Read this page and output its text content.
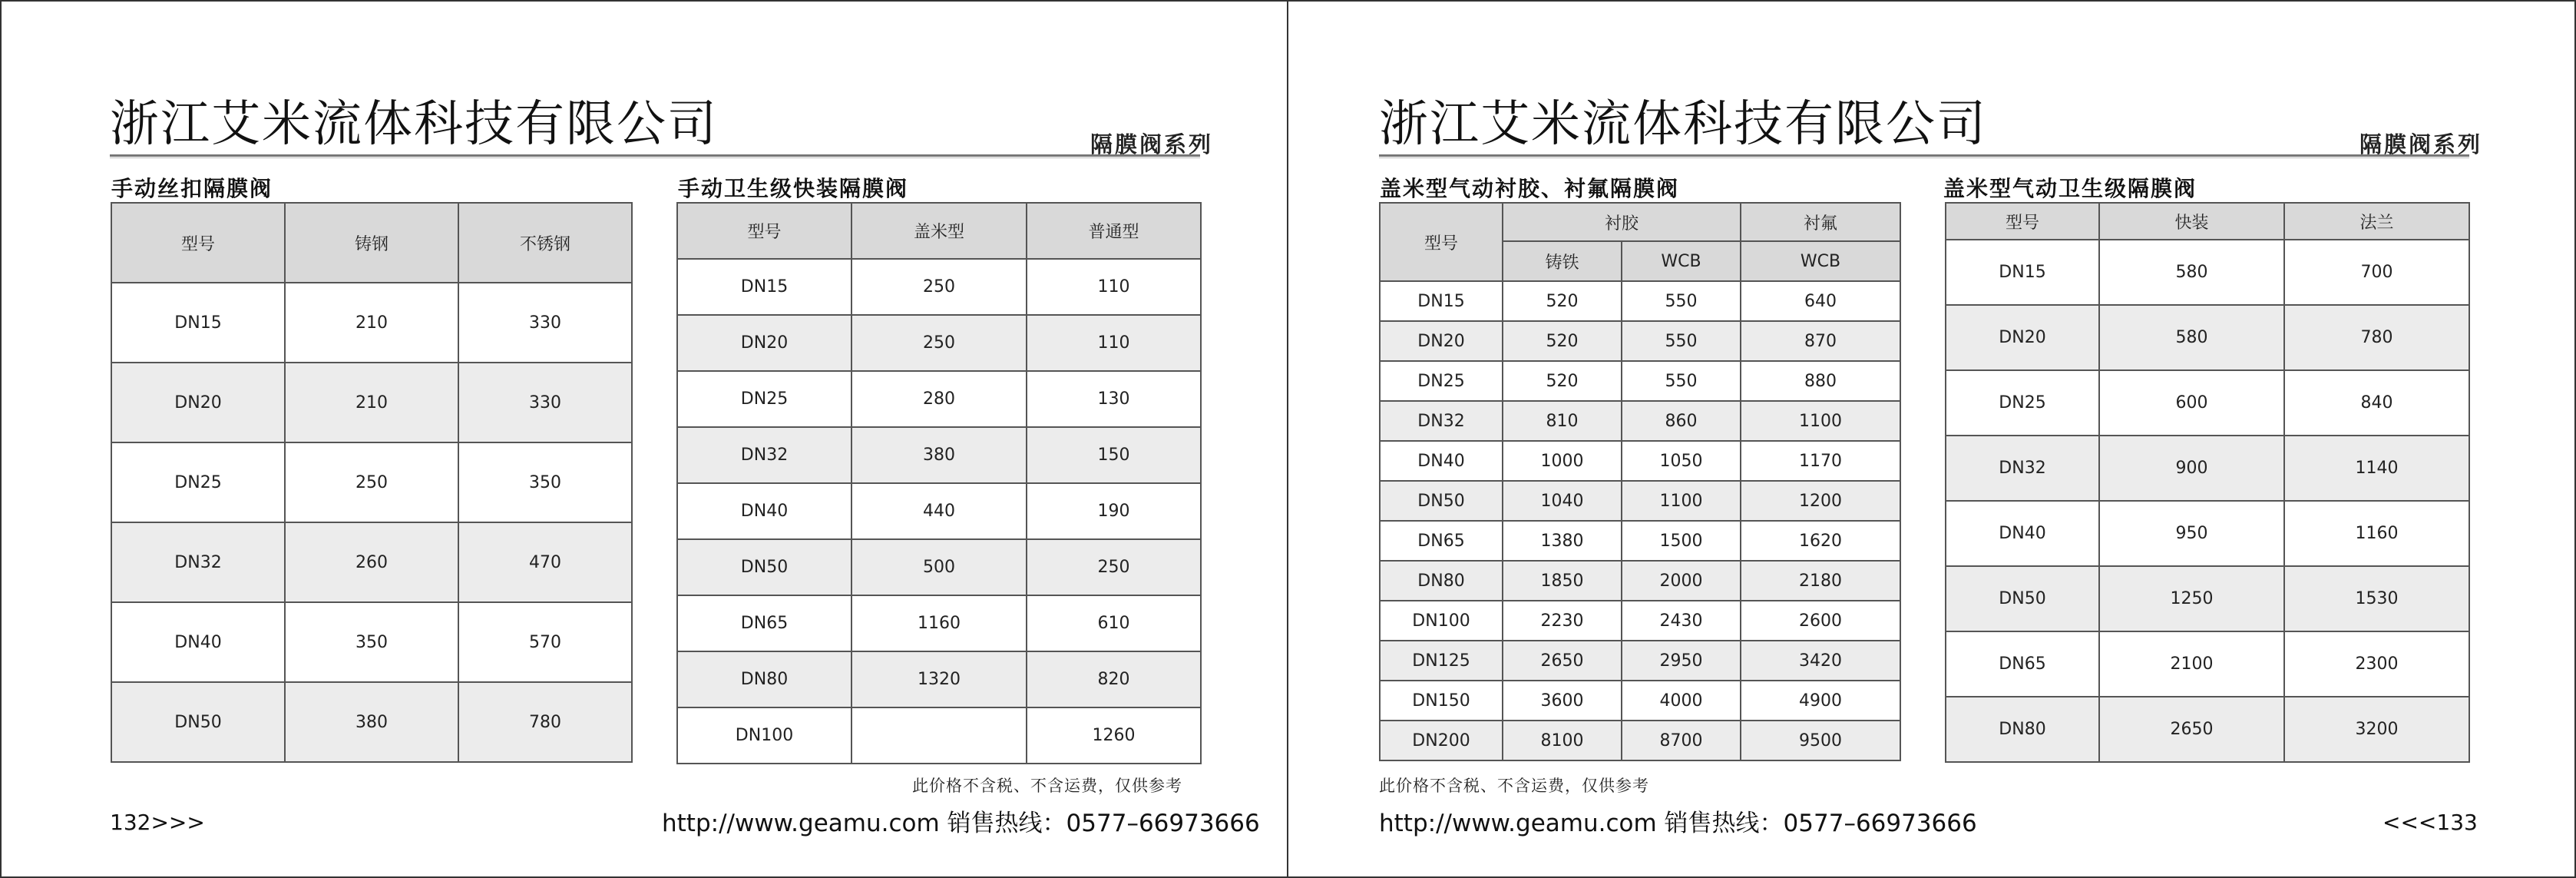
浙江艾米流体科技有限公司	隔膜阀系列
手动丝扣隔膜阀
型号	铸钢	不锈钢
DN15	210	330
DN20	210	330
DN25	250	350
DN32	260	470
DN40	350	570
DN50	380	780
手动卫生级快装隔膜阀
型号	盖米型	普通型
DN15	250	110
DN20	250	110
DN25	280	130
DN32	380	150
DN40	440	190
DN50	500	250
DN65	1160	610
DN80	1320	820
DN100		1260
此价格不含税、不含运费，仅供参考
http://www.geamu.com 销售热线：0577–66973666
132>>>
浙江艾米流体科技有限公司	隔膜阀系列
盖米型气动衬胶、衬氟隔膜阀
型号	衬胶		衬氟
	铸铁	WCB	WCB
DN15	520	550	640
DN20	520	550	870
DN25	520	550	880
DN32	810	860	1100
DN40	1000	1050	1170
DN50	1040	1100	1200
DN65	1380	1500	1620
DN80	1850	2000	2180
DN100	2230	2430	2600
DN125	2650	2950	3420
DN150	3600	4000	4900
DN200	8100	8700	9500
盖米型气动卫生级隔膜阀
型号	快装	法兰
DN15	580	700
DN20	580	780
DN25	600	840
DN32	900	1140
DN40	950	1160
DN50	1250	1530
DN65	2100	2300
DN80	2650	3200
此价格不含税、不含运费，仅供参考
http://www.geamu.com 销售热线：0577–66973666	<<<133
